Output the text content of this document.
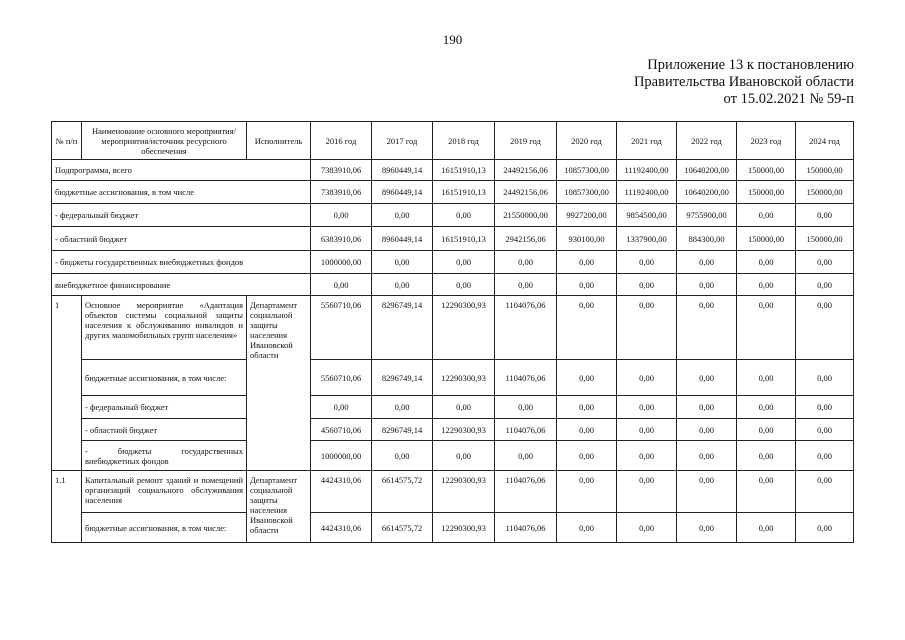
190
Приложение 13 к постановлению
Правительства Ивановской области
от 15.02.2021 № 59-п
№ п/п	Наименование основного мероприятия/мероприятия/источник ресурсного обеспечения	Исполнитель	2016 год	2017 год	2018 год	2019 год	2020 год	2021 год	2022 год	2023 год	2024 год
Подпрограмма, всего			7383910,06	8960449,14	16151910,13	24492156,06	10857300,00	11192400,00	10640200,00	150000,00	150000,00
бюджетные ассигнования, в том числе			7383910,06	8960449,14	16151910,13	24492156,06	10857300,00	11192400,00	10640200,00	150000,00	150000,00
- федеральный бюджет			0,00	0,00	0,00	21550000,00	9927200,00	9854500,00	9755900,00	0,00	0,00
- областной бюджет			6383910,06	8960449,14	16151910,13	2942156,06	930100,00	1337900,00	884300,00	150000,00	150000,00
- бюджеты государственных внебюджетных фондов			1000000,00	0,00	0,00	0,00	0,00	0,00	0,00	0,00	0,00
внебюджетное финансирование			0,00	0,00	0,00	0,00	0,00	0,00	0,00	0,00	0,00
1	Основное мероприятие «Адаптация объектов системы социальной защиты населения к обслуживанию инвалидов и других маломобильных групп населения»	Департамент социальной защиты населения Ивановской области	5560710,06	8296749,14	12290300,93	1104076,06	0,00	0,00	0,00	0,00	0,00
	бюджетные ассигнования, в том числе:		5560710,06	8296749,14	12290300,93	1104076,06	0,00	0,00	0,00	0,00	0,00
	- федеральный бюджет		0,00	0,00	0,00	0,00	0,00	0,00	0,00	0,00	0,00
	- областной бюджет		4560710,06	8296749,14	12290300,93	1104076,06	0,00	0,00	0,00	0,00	0,00
	- бюджеты государственных внебюджетных фондов		1000000,00	0,00	0,00	0,00	0,00	0,00	0,00	0,00	0,00
1.1	Капитальный ремонт зданий и помещений организаций социального обслуживания населения	Департамент социальной защиты населения Ивановской области	4424310,06	6614575,72	12290300,93	1104076,06	0,00	0,00	0,00	0,00	0,00
	бюджетные ассигнования, в том числе:		4424310,06	6614575,72	12290300,93	1104076,06	0,00	0,00	0,00	0,00	0,00
